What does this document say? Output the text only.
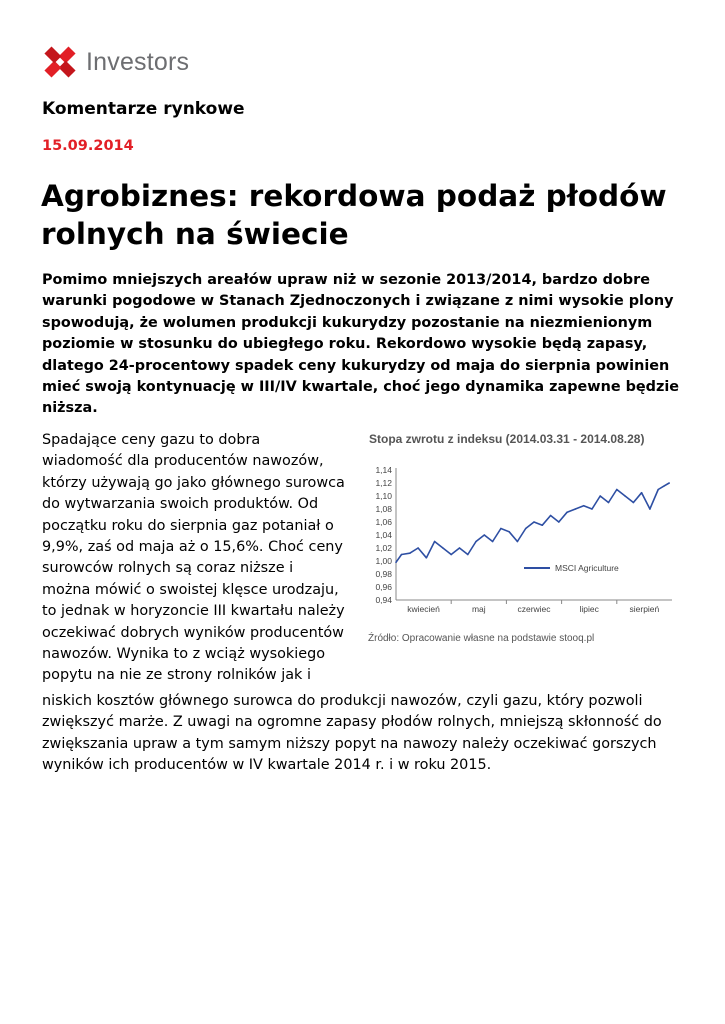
Investors
Komentarze rynkowe
15.09.2014
Agrobiznes: rekordowa podaż płodów rolnych na świecie

Pomimo mniejszych areałów upraw niż w sezonie 2013/2014, bardzo dobre warunki pogodowe w Stanach Zjednoczonych i związane z nimi wysokie plony spowodują, że wolumen produkcji kukurydzy pozostanie na niezmienionym poziomie w stosunku do ubiegłego roku. Rekordowo wysokie będą zapasy, dlatego 24-procentowy spadek ceny kukurydzy od maja do sierpnia powinien mieć swoją kontynuację w III/IV kwartale, choć jego dynamika zapewne będzie niższa.

Spadające ceny gazu to dobra wiadomość dla producentów nawozów, którzy używają go jako głównego surowca do wytwarzania swoich produktów. Od początku roku do sierpnia gaz potaniał o 9,9%, zaś od maja aż o 15,6%. Choć ceny surowców rolnych są coraz niższe i można mówić o swoistej klęsce urodzaju, to jednak w horyzoncie III kwartału należy oczekiwać dobrych wyników producentów nawozów. Wynika to z wciąż wysokiego popytu na nie ze strony rolników jak i

Stopa zwrotu z indeksu (2014.03.31 - 2014.08.28)
1,14
1,12
1,10
1,08
1,06
1,04
1,02
1,00
0,98
0,96
0,94
kwiecień	maj	czerwiec	lipiec	sierpień
MSCI Agriculture
Źródło: Opracowanie własne na podstawie stooq.pl

niskich kosztów głównego surowca do produkcji nawozów, czyli gazu, który pozwoli zwiększyć marże. Z uwagi na ogromne zapasy płodów rolnych, mniejszą skłonność do zwiększania upraw a tym samym niższy popyt na nawozy należy oczekiwać gorszych wyników ich producentów w IV kwartale 2014 r. i w roku 2015.
